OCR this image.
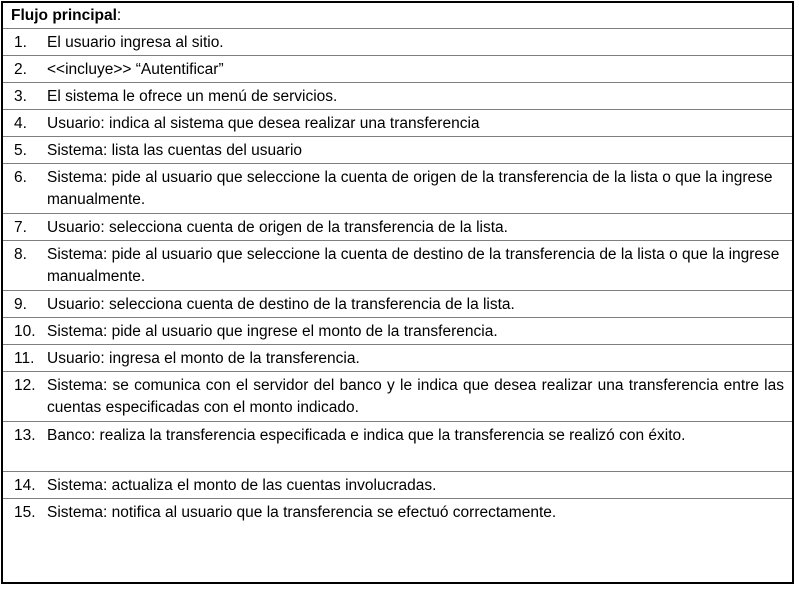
Flujo principal:
1. El usuario ingresa al sitio.
2. <<incluye>> “Autentificar”
3. El sistema le ofrece un menú de servicios.
4. Usuario: indica al sistema que desea realizar una transferencia
5. Sistema: lista las cuentas del usuario
6. Sistema: pide al usuario que seleccione la cuenta de origen de la transferencia de la lista o que la ingrese manualmente.
7. Usuario: selecciona cuenta de origen de la transferencia de la lista.
8. Sistema: pide al usuario que seleccione la cuenta de destino de la transferencia de la lista o que la ingrese manualmente.
9. Usuario: selecciona cuenta de destino de la transferencia de la lista.
10. Sistema: pide al usuario que ingrese el monto de la transferencia.
11. Usuario: ingresa el monto de la transferencia.
12. Sistema: se comunica con el servidor del banco y le indica que desea realizar una transferencia entre las cuentas especificadas con el monto indicado.
13. Banco: realiza la transferencia especificada e indica que la transferencia se realizó con éxito.
14. Sistema: actualiza el monto de las cuentas involucradas.
15. Sistema: notifica al usuario que la transferencia se efectuó correctamente.
